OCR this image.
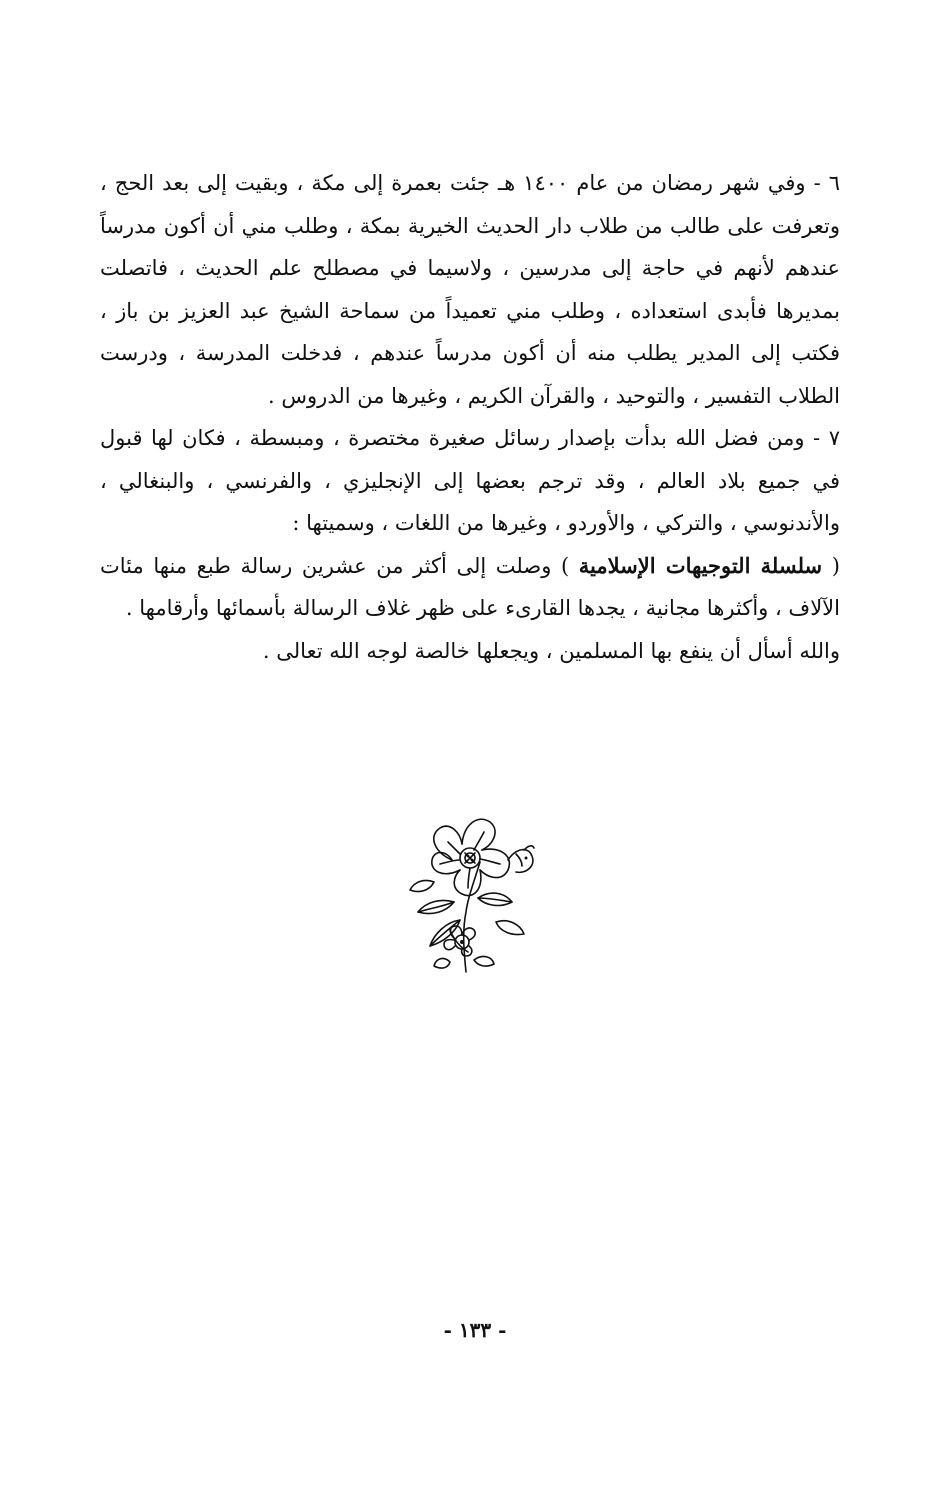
٦ - وفي شهر رمضان من عام ١٤٠٠ هـ جئت بعمرة إلى مكة ، وبقيت إلى بعد الحج ، وتعرفت على طالب من طلاب دار الحديث الخيرية بمكة ، وطلب مني أن أكون مدرساً عندهم لأنهم في حاجة إلى مدرسين ، ولاسيما في مصطلح علم الحديث ، فاتصلت بمديرها فأبدى استعداده ، وطلب مني تعميداً من سماحة الشيخ عبد العزيز بن باز ، فكتب إلى المدير يطلب منه أن أكون مدرساً عندهم ، فدخلت المدرسة ، ودرست الطلاب التفسير ، والتوحيد ، والقرآن الكريم ، وغيرها من الدروس .

٧ - ومن فضل الله بدأت بإصدار رسائل صغيرة مختصرة ، ومبسطة ، فكان لها قبول في جميع بلاد العالم ، وقد ترجم بعضها إلى الإنجليزي ، والفرنسي ، والبنغالي ، والأندنوسي ، والتركي ، والأوردو ، وغيرها من اللغات ، وسميتها :

( سلسلة التوجيهات الإسلامية ) وصلت إلى أكثر من عشرين رسالة طبع منها مئات الآلاف ، وأكثرها مجانية ، يجدها القارىء على ظهر غلاف الرسالة بأسمائها وأرقامها .

والله أسأل أن ينفع بها المسلمين ، ويجعلها خالصة لوجه الله تعالى .

- ١٣٣ -
